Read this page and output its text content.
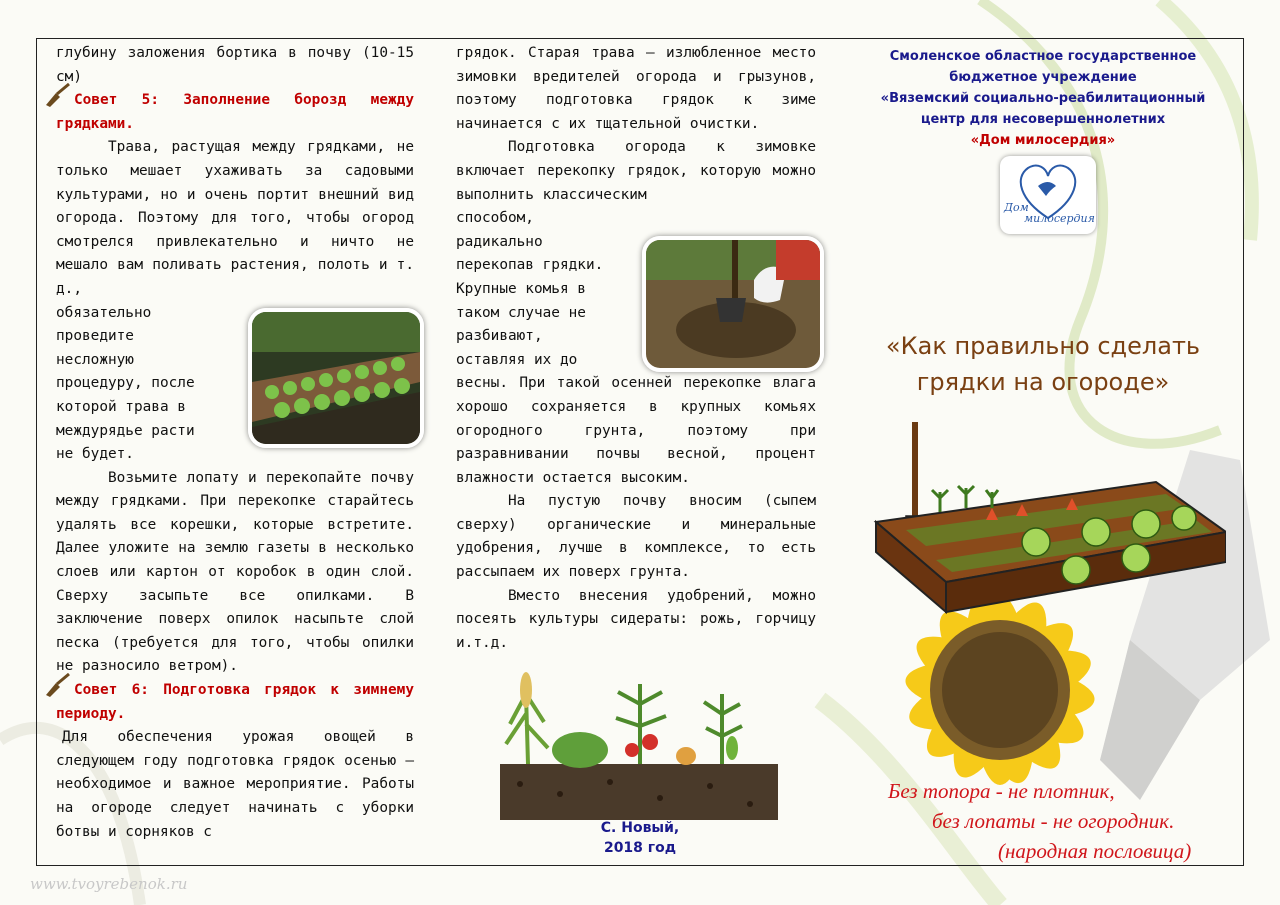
глубину заложения бортика в почву (10-15 см)

Совет 5: Заполнение борозд между грядками.

Трава, растущая между грядками, не только мешает ухаживать за садовыми культурами, но и очень портит внешний вид огорода. Поэтому для того, чтобы огород смотрелся привлекательно и ничто не мешало вам поливать растения, полоть и т. д.,

обязательно
проведите
несложную
процедуру, после
которой трава в
междурядье расти
не будет.

Возьмите лопату и перекопайте почву между грядками. При перекопке старайтесь удалять все корешки, которые встретите. Далее уложите на землю газеты в несколько слоев или картон от коробок в один слой. Сверху засыпьте все опилками. В заключение поверх опилок насыпьте слой песка (требуется для того, чтобы опилки не разносило ветром).

Совет 6: Подготовка грядок к зимнему периоду.

Для обеспечения урожая овощей в следующем году подготовка грядок осенью – необходимое и важное мероприятие. Работы на огороде следует начинать с уборки ботвы и сорняков с

грядок. Старая трава – излюбленное место зимовки вредителей огорода и грызунов, поэтому подготовка грядок к зиме начинается с их тщательной очистки.

Подготовка огорода к зимовке включает перекопку грядок, которую можно выполнить классическим

способом,
радикально
перекопав грядки.
Крупные комья в
таком случае не
разбивают,
оставляя их до

весны. При такой осенней перекопке влага хорошо сохраняется в крупных комьях огородного грунта, поэтому при разравнивании почвы весной, процент влажности остается высоким.

На пустую почву вносим (сыпем сверху) органические и минеральные удобрения, лучше в комплексе, то есть рассыпаем их поверх грунта.

Вместо внесения удобрений, можно посеять культуры сидераты: рожь, горчицу и.т.д.

С. Новый,
2018 год
Смоленское областное государственное
бюджетное учреждение
«Вяземский социально-реабилитационный
центр для несовершеннолетних
«Дом милосердия»
Дом
милосердия
«Как правильно сделать
грядки на огороде»
Без топора - не плотник,
без лопаты - не огородник.
(народная пословица)
www.tvoyrebenok.ru
